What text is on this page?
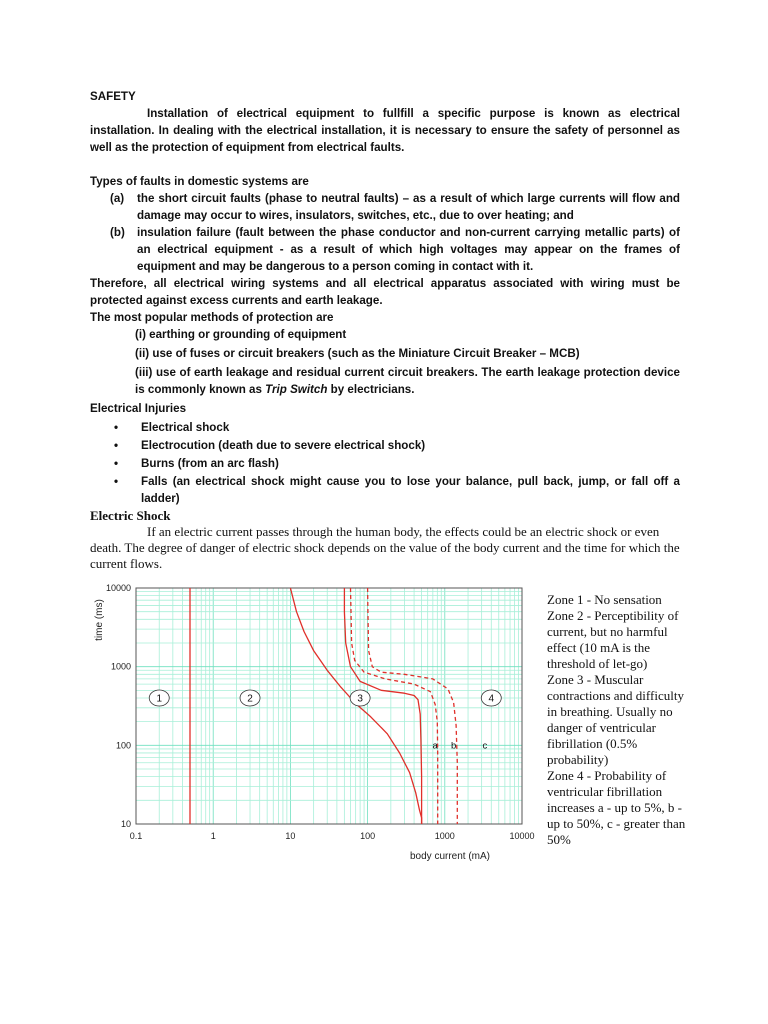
SAFETY

Installation of electrical equipment to fullfill a specific purpose is known as electrical installation. In dealing with the electrical installation, it is necessary to ensure the safety of personnel as well as the protection of equipment from electrical faults.

Types of faults in domestic systems are

(a) the short circuit faults (phase to neutral faults) – as a result of which large currents will flow and damage may occur to wires, insulators, switches, etc., due to over heating; and
(b) insulation failure (fault between the phase conductor and non-current carrying metallic parts) of an electrical equipment - as a result of which high voltages may appear on the frames of equipment and may be dangerous to a person coming in contact with it.

Therefore, all electrical wiring systems and all electrical apparatus associated with wiring must be protected against excess currents and earth leakage.

The most popular methods of protection are

(i) earthing or grounding of equipment

(ii) use of fuses or circuit breakers (such as the Miniature Circuit Breaker – MCB)

(iii) use of earth leakage and residual current circuit breakers. The earth leakage protection device is commonly known as Trip Switch by electricians.

Electrical Injuries

• Electrical shock
• Electrocution (death due to severe electrical shock)
• Burns (from an arc flash)
• Falls (an electrical shock might cause you to lose your balance, pull back, jump, or fall off a ladder)
Electric Shock

If an electric current passes through the human body, the effects could be an electric shock or even death. The degree of danger of electric shock depends on the value of the body current and the time for which the current flows.

0.1	1	10	100	1000	10000
10
100
1000
10000
body current (mA)
time (ms)
1	2	3	4
a b	c

Zone 1 - No sensation

Zone 2 - Perceptibility of current, but no harmful effect (10 mA is the threshold of let-go)

Zone 3 - Muscular contractions and difficulty in breathing. Usually no danger of ventricular fibrillation (0.5% probability)

Zone 4 - Probability of ventricular fibrillation increases a - up to 5%, b - up to 50%, c - greater than 50%
